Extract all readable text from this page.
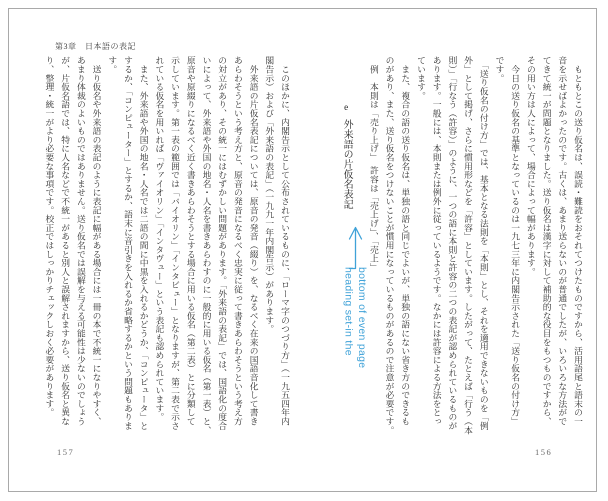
第3章　日本語の表記

　このほかに、内閣告示として公布されているものに、「ローマ字のつづり方」（一九五四年内

閣告示）および「外来語の表記」（一九九一年内閣告示）があります。

　外来語の片仮名表記については、原音の発音（綴り）を、なるべく在来の国語音化して書き

あらわそうという考え方と、原音の発音になるべく忠実に従って書きあらわそうという考え方

の対立があり、その統一にはむずかしい問題があります。「外来語の表記」では、国語化の度合

いによって、外来語や外国の地名・人名を書きあらわすのに一般的に用いる仮名（第一表）と、

原音や原綴りになるべく近く書きあらわそうとする場合に用いる仮名（第二表）とに分類して

示しています。第一表の範囲では「バイオリン」「インタビュー」となりますが、第二表で示さ

れている仮名を用いれば「ヴァイオリン」「インタヴュー」という表記も認められています。

　また、外来語や外国の地名・人名では二語の間に中黒を入れるかどうか、「コンピュータ」と

するか、「コンピューター」とするか、語末に音引きを入れるか省略するかという問題もありま

す。

　送り仮名や外来語の表記のように表記に幅がある場合には一冊の本で不統一になりやすく、

あまり体裁のよいものではありません。送り仮名では誤解を与える可能性は少ないのでしょう

が、片仮名語では、特に人名などで不統一があると別人と誤解されますから、送り仮名と異な

り、整理・統一がより必要な事項です。校正ではしっかりチェックしおく必要があります。

157

　もともとこの送り仮名は、誤読・難読をおそれてつけたものですから、活用語尾と語末の一

音を示せばよかったのです。古くは、あまり送らないのが普通でしたが、いろいろな方法がで

てきて統一が問題となりました。送り仮名は漢字に対して補助的な役目をもつものですから、

その用い方は人によって、場合によって幅があります。

　今日の送り仮名の基準となっているのは一九七三年に内閣告示された「送り仮名の付け方」

です。

　「送り仮名の付け方」では、基本となる法則を「本則」とし、それを適用できないものを「例

外」として掲げ、さらに慣用形などを「許容」としています。したがって、たとえば「行う（本

則）」「行なう（許容）」のように、一つの語に本則と許容の二つの表記が認められているものが

あります。一般には、本則または例外に従っているようです。なかには許容による方法をとっ

ています。

　また、複合の語の送り仮名は、単独の語と同じでよいが、単独の語にない省き方のできるも

のがあり、また、送り仮名をつけないことが慣用になっているものがあるので注意が必要です。

　例　本則は「売り上げ」　許容は「売上げ」、「売上」

e外来語の片仮名表記

156
heading set-in the bottom of even page
